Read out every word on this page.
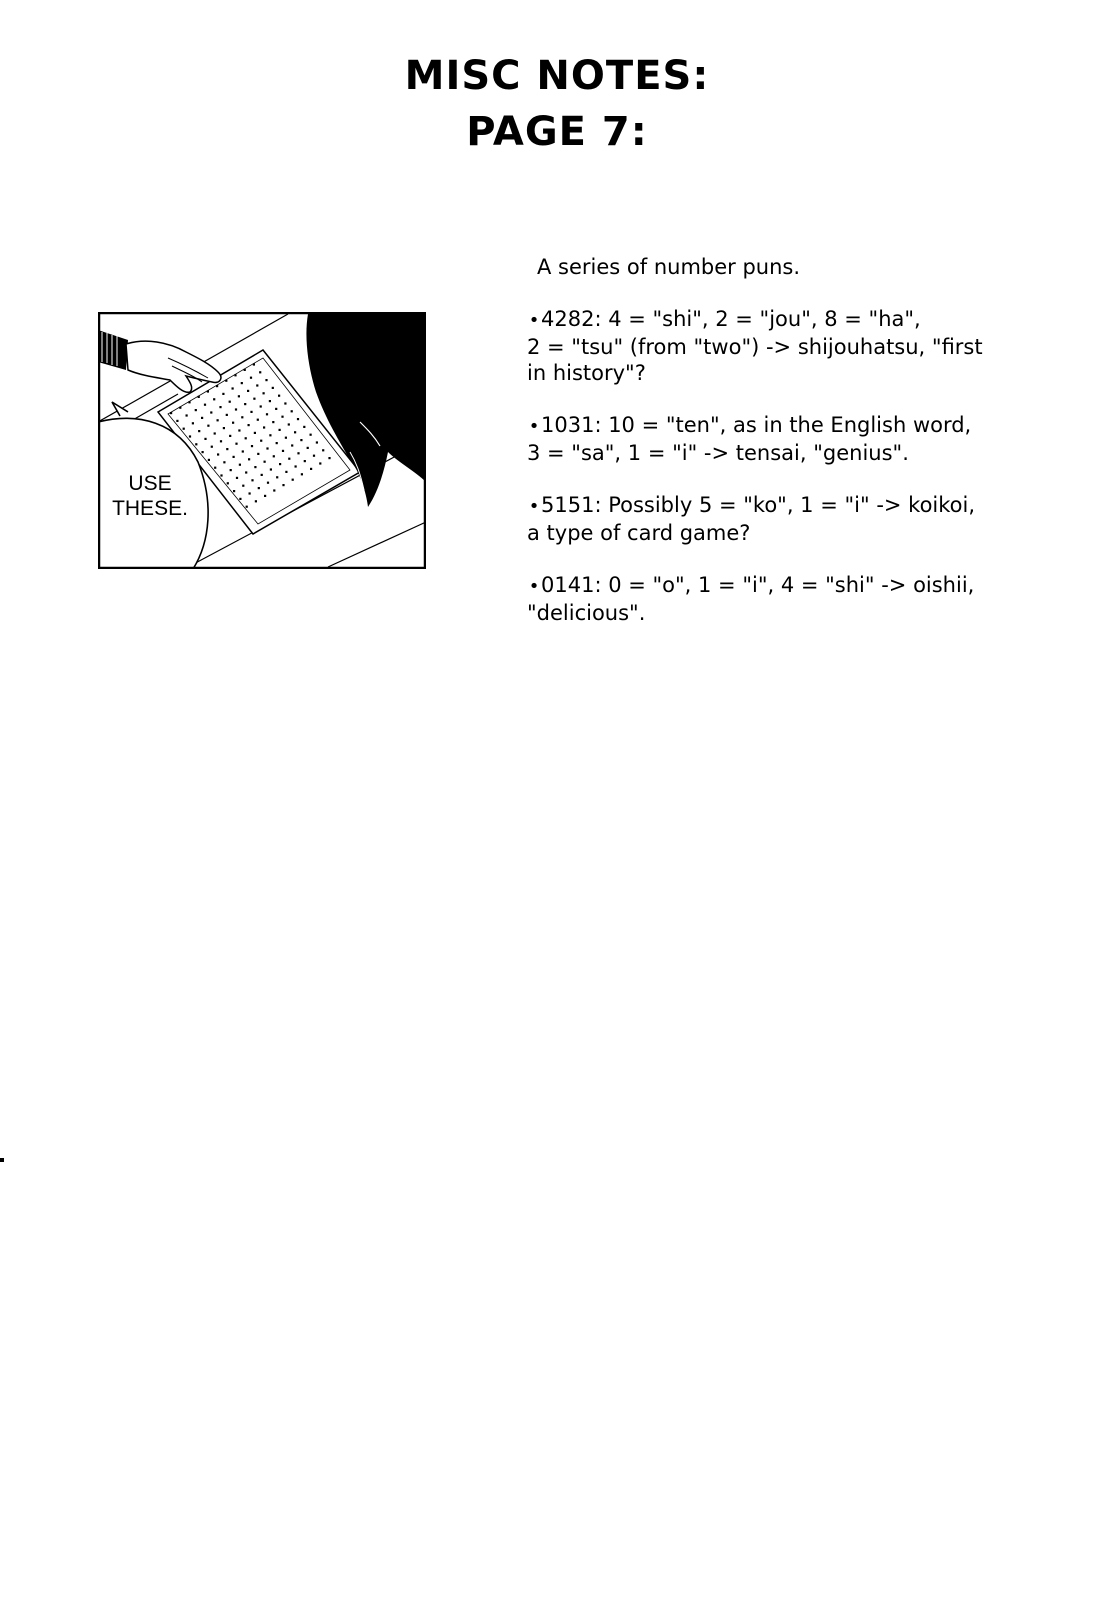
MISC NOTES:
PAGE 7:
USE
THESE.

A series of number puns.

•4282: 4 = "shi", 2 = "jou", 8 = "ha",
2 = "tsu" (from "two") -> shijouhatsu, "first
in history"?

•1031: 10 = "ten", as in the English word,
3 = "sa", 1 = "i" -> tensai, "genius".

•5151: Possibly 5 = "ko", 1 = "i" -> koikoi,
a type of card game?

•0141: 0 = "o", 1 = "i", 4 = "shi" -> oishii,
"delicious".
